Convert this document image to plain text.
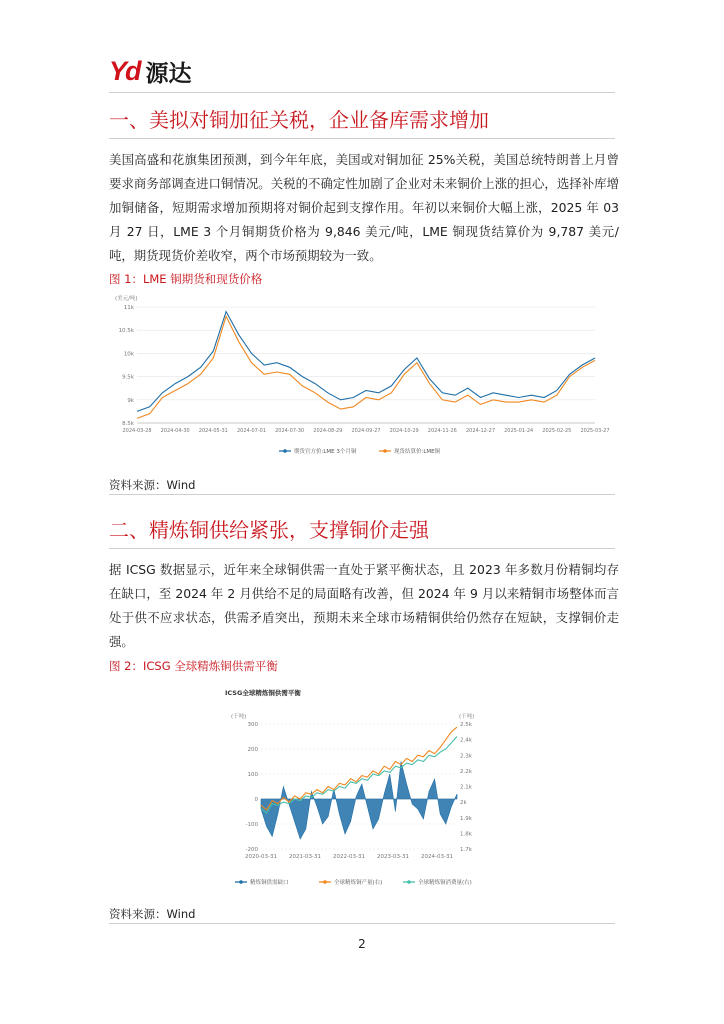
Yd 源达
一、美拟对铜加征关税，企业备库需求增加
美国高盛和花旗集团预测，到今年年底，美国或对铜加征 25%关税，美国总统特朗普上月曾要求商务部调查进口铜情况。关税的不确定性加剧了企业对未来铜价上涨的担心，选择补库增加铜储备，短期需求增加预期将对铜价起到支撑作用。年初以来铜价大幅上涨，2025 年 03 月 27 日，LME 3 个月铜期货价格为 9,846 美元/吨，LME 铜现货结算价为 9,787 美元/吨，期货现货价差收窄，两个市场预期较为一致。
图 1：LME 铜期货和现货价格
(美元/吨)
8.5k
9k
9.5k
10k
10.5k
11k
2024-03-28 2024-04-30 2024-05-31 2024-07-01 2024-07-30 2024-08-29 2024-09-27 2024-10-29 2024-11-26 2024-12-27 2025-01-24 2025-02-25 2025-03-27
期货官方价:LME 3个月铜	现货结算价:LME铜
资料来源：Wind
二、精炼铜供给紧张，支撑铜价走强
据 ICSG 数据显示，近年来全球铜供需一直处于紧平衡状态，且 2023 年多数月份精铜均存在缺口，至 2024 年 2 月供给不足的局面略有改善，但 2024 年 9 月以来精铜市场整体而言处于供不应求状态，供需矛盾突出，预期未来全球市场精铜供给仍然存在短缺，支撑铜价走强。
图 2：ICSG 全球精炼铜供需平衡
ICSG全球精炼铜供需平衡
(千吨)	(千吨)
300
200
100
0
-100
-200
2.5k
2.4k
2.3k
2.2k
2.1k
2k
1.9k
1.8k
1.7k
2020-03-31 2021-03-31 2022-03-31 2023-03-31 2024-03-31
精炼铜供需缺口	全球精炼铜产量(右)	全球精炼铜消费量(右)
资料来源：Wind
2
